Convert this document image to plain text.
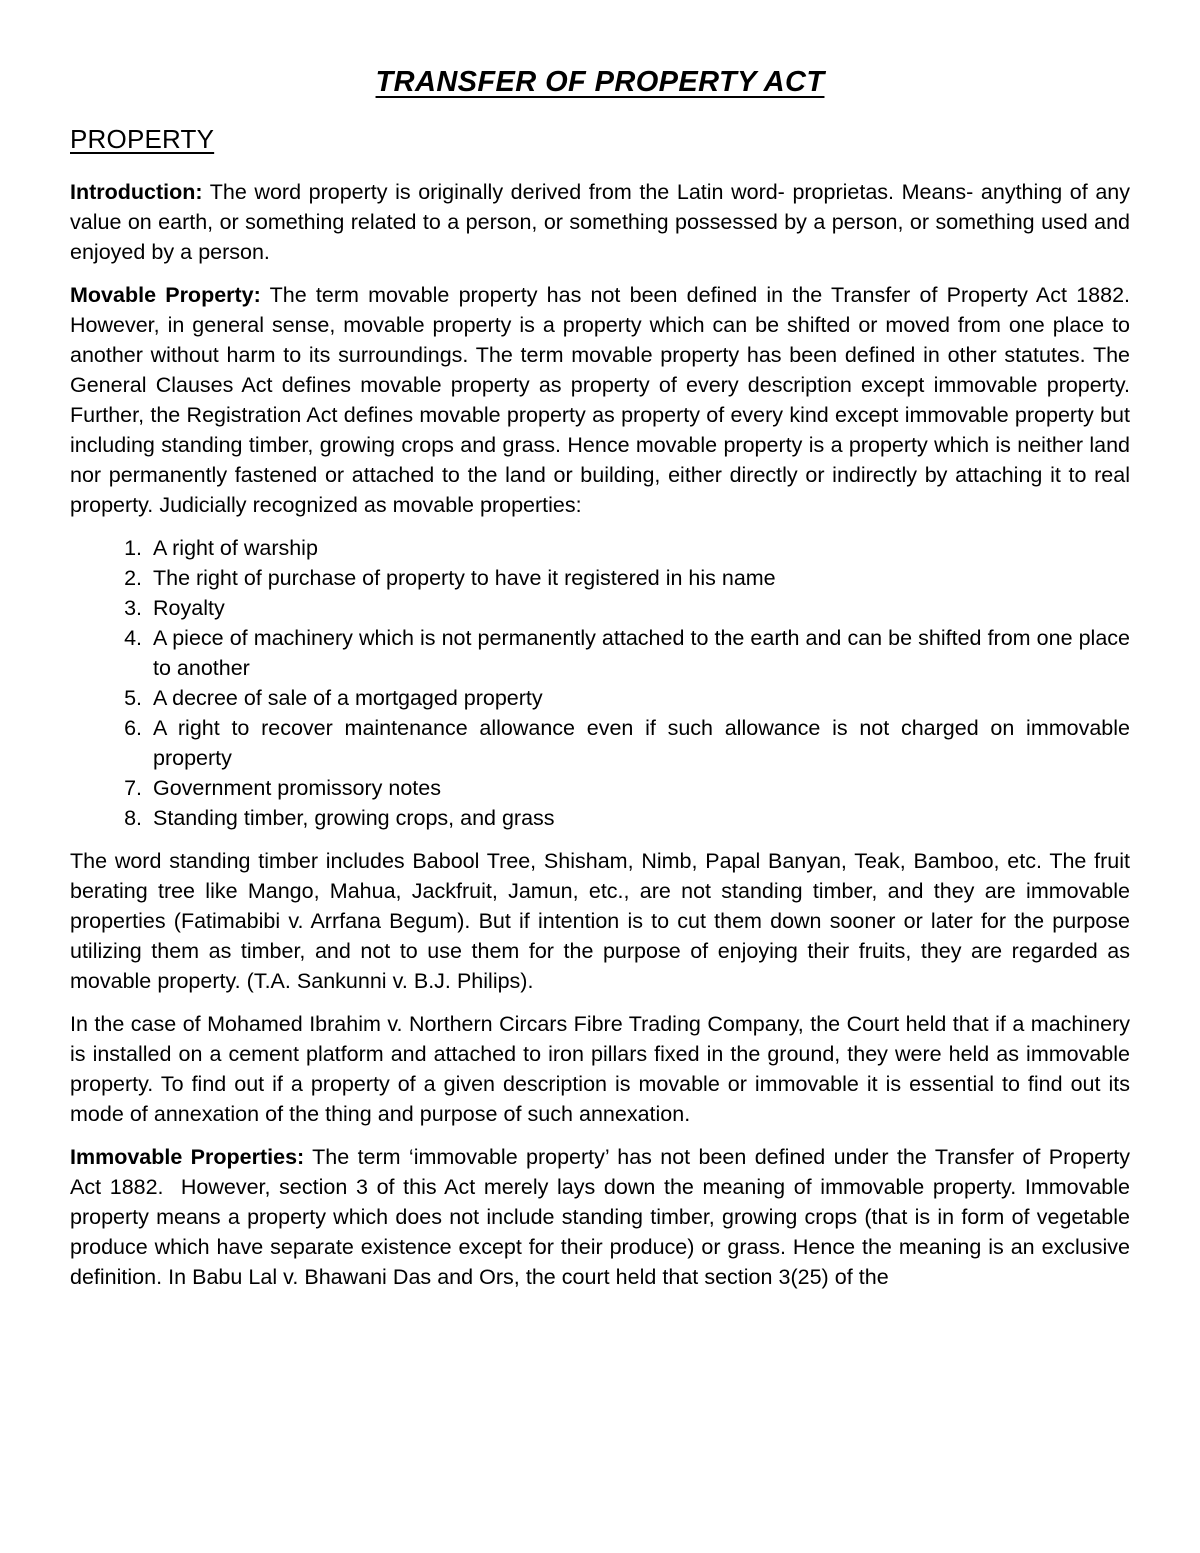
TRANSFER OF PROPERTY ACT
PROPERTY

Introduction: The word property is originally derived from the Latin word- proprietas. Means- anything of any value on earth, or something related to a person, or something possessed by a person, or something used and enjoyed by a person.

Movable Property: The term movable property has not been defined in the Transfer of Property Act 1882. However, in general sense, movable property is a property which can be shifted or moved from one place to another without harm to its surroundings. The term movable property has been defined in other statutes. The General Clauses Act defines movable property as property of every description except immovable property. Further, the Registration Act defines movable property as property of every kind except immovable property but including standing timber, growing crops and grass. Hence movable property is a property which is neither land nor permanently fastened or attached to the land or building, either directly or indirectly by attaching it to real property. Judicially recognized as movable properties:

1. A right of warship
2. The right of purchase of property to have it registered in his name
3. Royalty
4. A piece of machinery which is not permanently attached to the earth and can be shifted from one place to another
5. A decree of sale of a mortgaged property
6. A right to recover maintenance allowance even if such allowance is not charged on immovable property
7. Government promissory notes
8. Standing timber, growing crops, and grass

The word standing timber includes Babool Tree, Shisham, Nimb, Papal Banyan, Teak, Bamboo, etc. The fruit berating tree like Mango, Mahua, Jackfruit, Jamun, etc., are not standing timber, and they are immovable properties (Fatimabibi v. Arrfana Begum). But if intention is to cut them down sooner or later for the purpose utilizing them as timber, and not to use them for the purpose of enjoying their fruits, they are regarded as movable property. (T.A. Sankunni v. B.J. Philips).

In the case of Mohamed Ibrahim v. Northern Circars Fibre Trading Company, the Court held that if a machinery is installed on a cement platform and attached to iron pillars fixed in the ground, they were held as immovable property. To find out if a property of a given description is movable or immovable it is essential to find out its mode of annexation of the thing and purpose of such annexation.

Immovable Properties: The term ‘immovable property’ has not been defined under the Transfer of Property Act 1882.  However, section 3 of this Act merely lays down the meaning of immovable property. Immovable property means a property which does not include standing timber, growing crops (that is in form of vegetable produce which have separate existence except for their produce) or grass. Hence the meaning is an exclusive definition. In Babu Lal v. Bhawani Das and Ors, the court held that section 3(25) of the
